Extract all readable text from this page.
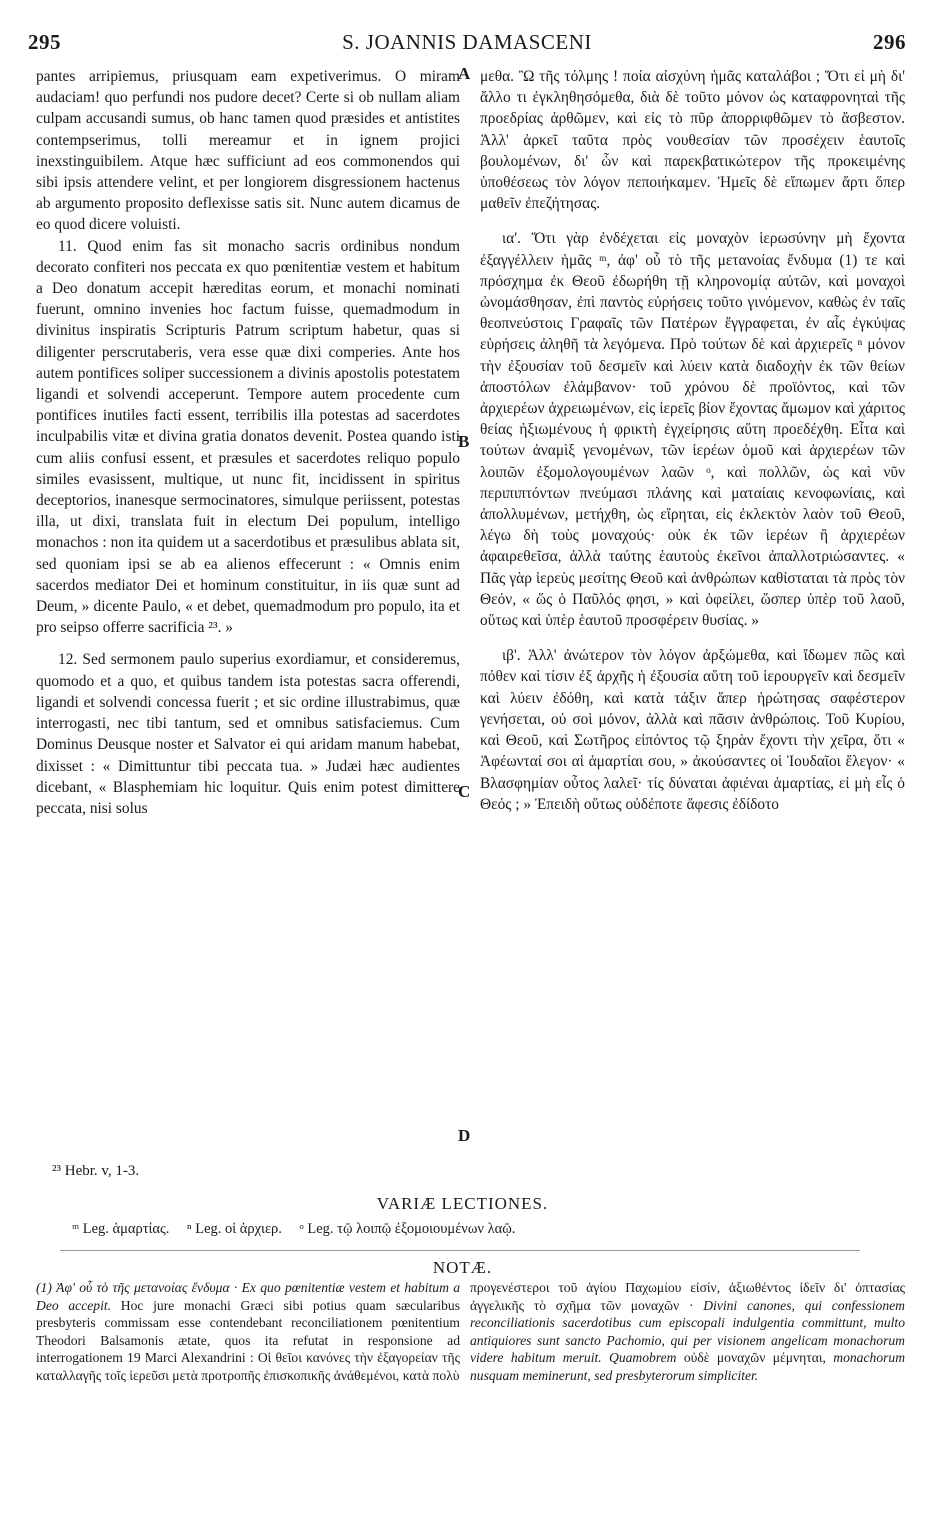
295	S. JOANNIS DAMASCENI	296

pantes arripiemus, priusquam eam expetiverimus. O miram audaciam! quo perfundi nos pudore decet? Certe si ob nullam aliam culpam accusandi sumus, ob hanc tamen quod præsides et antistites contempserimus, tolli mereamur et in ignem projici inexstinguibilem. Atque hæc sufficiunt ad eos commonendos qui sibi ipsis attendere velint, et per longiorem disgressionem hactenus ab argumento proposito deflexisse satis sit. Nunc autem dicamus de eo quod dicere voluisti.

11. Quod enim fas sit monacho sacris ordinibus nondum decorato confiteri nos peccata ex quo pœnitentiæ vestem et habitum a Deo donatum accepit hæreditas eorum, et monachi nominati fuerunt, omnino invenies hoc factum fuisse, quemadmodum in divinitus inspiratis Scripturis Patrum scriptum habetur, quas si diligenter perscrutaberis, vera esse quæ dixi comperies. Ante hos autem pontifices soliper successionem a divinis apostolis potestatem ligandi et solvendi acceperunt. Tempore autem procedente cum pontifices inutiles facti essent, terribilis illa potestas ad sacerdotes inculpabilis vitæ et divina gratia donatos devenit. Postea quando isti cum aliis confusi essent, et præsules et sacerdotes reliquo populo similes evasissent, multique, ut nunc fit, incidissent in spiritus deceptorios, inanesque sermocinatores, simulque periissent, potestas illa, ut dixi, translata fuit in electum Dei populum, intelligo monachos : non ita quidem ut a sacerdotibus et præsulibus ablata sit, sed quoniam ipsi se ab ea alienos effecerunt : « Omnis enim sacerdos mediator Dei et hominum constituitur, in iis quæ sunt ad Deum, » dicente Paulo, « et debet, quemadmodum pro populo, ita et pro seipso offerre sacrificia ²³. »

12. Sed sermonem paulo superius exordiamur, et consideremus, quomodo et a quo, et quibus tandem ista potestas sacra offerendi, ligandi et solvendi concessa fuerit ; et sic ordine illustrabimus, quæ interrogasti, nec tibi tantum, sed et omnibus satisfaciemus. Cum Dominus Deusque noster et Salvator ei qui aridam manum habebat, dixisset : « Dimittuntur tibi peccata tua. » Judæi hæc audientes dicebant, « Blasphemiam hic loquitur. Quis enim potest dimittere peccata, nisi solus

μεθα. Ὢ τῆς τόλμης ! ποία αἰσχύνη ἡμᾶς καταλάβοι ; Ὅτι εἰ μὴ δι' ἄλλο τι ἐγκληθησόμεθα, διὰ δὲ τοῦτο μόνον ὡς καταφρονηταὶ τῆς προεδρίας ἀρθῶμεν, καὶ εἰς τὸ πῦρ ἀπορριφθῶμεν τὸ ἄσβεστον. Ἀλλ' ἀρκεῖ ταῦτα πρὸς νουθεσίαν τῶν προσέχειν ἑαυτοῖς βουλομένων, δι' ὧν καὶ παρεκβατικώτερον τῆς προκειμένης ὑποθέσεως τὸν λόγον πεποιήκαμεν. Ἡμεῖς δὲ εἴπωμεν ἄρτι ὅπερ μαθεῖν ἐπεζήτησας.

ια'. Ὅτι γὰρ ἐνδέχεται εἰς μοναχὸν ἱερωσύνην μὴ ἔχοντα ἐξαγγέλλειν ἡμᾶς ᵐ, ἀφ' οὗ τὸ τῆς μετανοίας ἔνδυμα (1) τε καὶ πρόσχημα ἐκ Θεοῦ ἐδωρήθη τῇ κληρονομίᾳ αὐτῶν, καὶ μοναχοὶ ὠνομάσθησαν, ἐπὶ παντὸς εὑρήσεις τοῦτο γινόμενον, καθὼς ἐν ταῖς θεοπνεύστοις Γραφαῖς τῶν Πατέρων ἔγγραφεται, ἐν αἷς ἐγκύψας εὑρήσεις ἀληθῆ τὰ λεγόμενα. Πρὸ τούτων δὲ καὶ ἀρχιερεῖς ⁿ μόνον τὴν ἐξουσίαν τοῦ δεσμεῖν καὶ λύειν κατὰ διαδοχὴν ἐκ τῶν θείων ἀποστόλων ἐλάμβανον· τοῦ χρόνου δὲ προϊόντος, καὶ τῶν ἀρχιερέων ἀχρειωμένων, εἰς ἱερεῖς βίον ἔχοντας ἄμωμον καὶ χάριτος θείας ἠξιωμένους ἡ φρικτὴ ἐγχείρησις αὕτη προεδέχθη. Εἶτα καὶ τούτων ἀναμὶξ γενομένων, τῶν ἱερέων ὁμοῦ καὶ ἀρχιερέων τῶν λοιπῶν ἐξομολογουμένων λαῶν ᵒ, καὶ πολλῶν, ὡς καὶ νῦν περιπιπτόντων πνεύμασι πλάνης καὶ ματαίαις κενοφωνίαις, καὶ ἀπολλυμένων, μετήχθη, ὡς εἴρηται, εἰς ἐκλεκτὸν λαὸν τοῦ Θεοῦ, λέγω δὴ τοὺς μοναχούς· οὐκ ἐκ τῶν ἱερέων ἢ ἀρχιερέων ἀφαιρεθεῖσα, ἀλλὰ ταύτης ἑαυτοὺς ἐκεῖνοι ἀπαλλοτριώσαντες. « Πᾶς γὰρ ἱερεὺς μεσίτης Θεοῦ καὶ ἀνθρώπων καθίσταται τὰ πρὸς τὸν Θεόν, « ὥς ὁ Παῦλός φησι, » καὶ ὀφείλει, ὥσπερ ὑπὲρ τοῦ λαοῦ, οὕτως καὶ ὑπὲρ ἑαυτοῦ προσφέρειν θυσίας. »

ιβ'. Ἀλλ' ἀνώτερον τὸν λόγον ἀρξώμεθα, καὶ ἴδωμεν πῶς καὶ πόθεν καὶ τίσιν ἐξ ἀρχῆς ἡ ἐξουσία αὕτη τοῦ ἱερουργεῖν καὶ δεσμεῖν καὶ λύειν ἐδόθη, καὶ κατὰ τάξιν ἅπερ ἠρώτησας σαφέστερον γενήσεται, οὐ σοὶ μόνον, ἀλλὰ καὶ πᾶσιν ἀνθρώποις. Τοῦ Κυρίου, καὶ Θεοῦ, καὶ Σωτῆρος εἰπόντος τῷ ξηρὰν ἔχοντι τὴν χεῖρα, ὅτι « Ἀφέωνταί σοι αἱ ἁμαρτίαι σου, » ἀκούσαντες οἱ Ἰουδαῖοι ἔλεγον· « Βλασφημίαν οὗτος λαλεῖ· τίς δύναται ἀφιέναι ἁμαρτίας, εἰ μὴ εἷς ὁ Θεός ; » Ἐπειδὴ οὕτως οὐδέποτε ἄφεσις ἐδίδοτο

A
B
C
D
²³ Hebr. v, 1-3.
VARIÆ LECTIONES.
ᵐ Leg. ἁμαρτίας. ⁿ Leg. οἱ ἀρχιερ. ᵒ Leg. τῷ λοιπῷ ἐξομοιουμένων λαῷ.
NOTÆ.

(1) Ἀφ' οὗ τὸ τῆς μετανοίας ἔνδυμα · Ex quo pœnitentiæ vestem et habitum a Deo accepit. Hoc jure monachi Græci sibi potius quam sæcularibus presbyteris commissam esse contendebant reconciliationem pœnitentium Theodori Balsamonis ætate, quos ita refutat in responsione ad interrogationem 19 Marci Alexandrini : Οἱ θεῖοι κανόνες τὴν ἐξαγορείαν τῆς καταλλαγῆς τοῖς ἱερεῦσι μετὰ προτροπῆς ἐπισκοπικῆς ἀνάθεμένοι, κατὰ πολὺ

προγενέστεροι τοῦ ἁγίου Παχωμίου εἰσίν, ἀξιωθέντος ἰδεῖν δι' ὀπτασίας ἀγγελικῆς τὸ σχῆμα τῶν μοναχῶν · Divini canones, qui confessionem reconciliationis sacerdotibus cum episcopali indulgentia committunt, multo antiquiores sunt sancto Pachomio, qui per visionem angelicam monachorum videre habitum meruit. Quamobrem οὐδὲ μοναχῶν μέμνηται, monachorum nusquam meminerunt, sed presbyterorum simpliciter.
